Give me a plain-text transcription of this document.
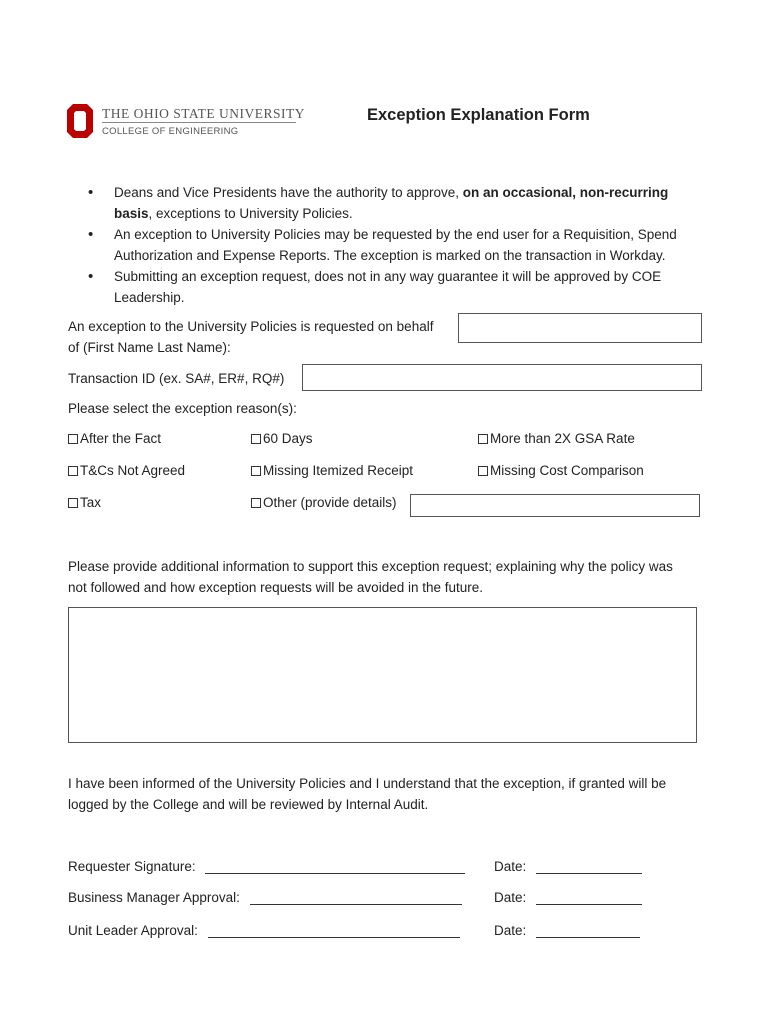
THE OHIO STATE UNIVERSITY
COLLEGE OF ENGINEERING
Exception Explanation Form
• Deans and Vice Presidents have the authority to approve, on an occasional, non-recurring basis, exceptions to University Policies.
• An exception to University Policies may be requested by the end user for a Requisition, Spend Authorization and Expense Reports. The exception is marked on the transaction in Workday.
• Submitting an exception request, does not in any way guarantee it will be approved by COE Leadership.
An exception to the University Policies is requested on behalf
of (First Name Last Name):
Transaction ID (ex. SA#, ER#, RQ#)
Please select the exception reason(s):
After the Fact	60 Days	More than 2X GSA Rate
T&Cs Not Agreed	Missing Itemized Receipt	Missing Cost Comparison
Tax	Other (provide details)
Please provide additional information to support this exception request; explaining why the policy was
not followed and how exception requests will be avoided in the future.
I have been informed of the University Policies and I understand that the exception, if granted will be
logged by the College and will be reviewed by Internal Audit.
Requester Signature:	Date:
Business Manager Approval:	Date:
Unit Leader Approval:	Date:
